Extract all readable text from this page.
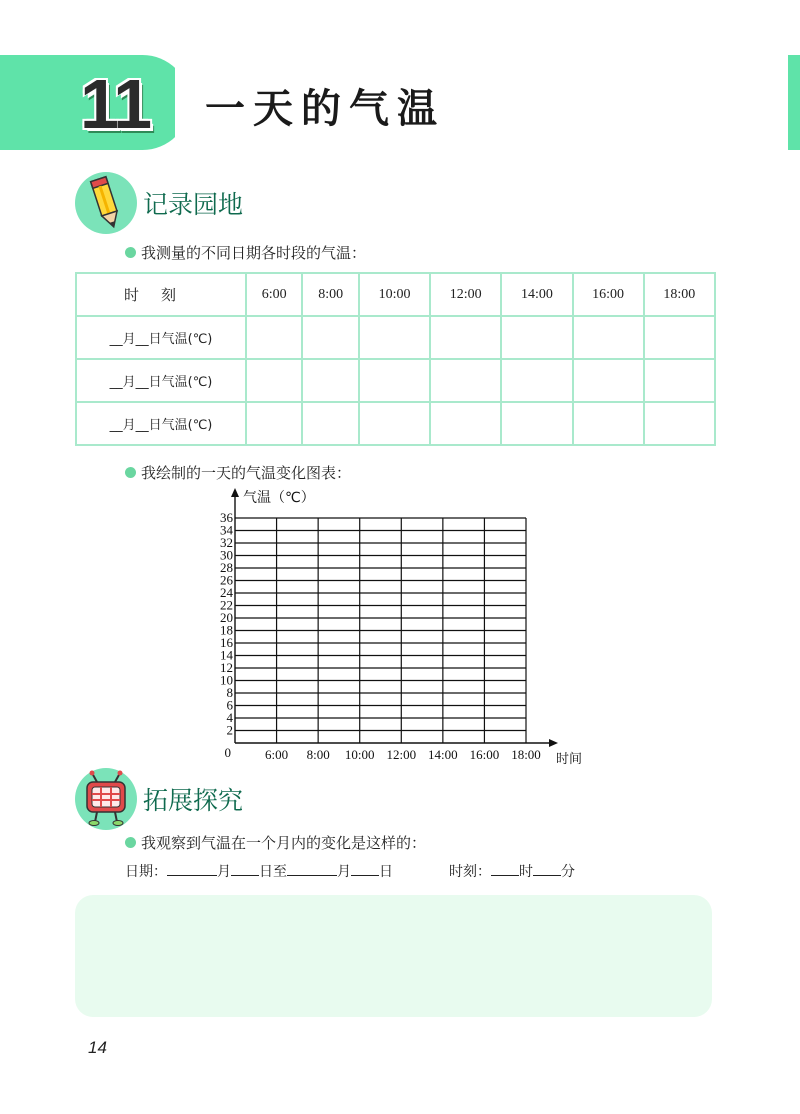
11 一天的气温
记录园地
我测量的不同日期各时段的气温：
时刻	6:00	8:00	10:00	12:00	14:00	16:00	18:00
__月__日气温(℃)							
__月__日气温(℃)							
__月__日气温(℃)							
我绘制的一天的气温变化图表：
2
4
6
8
10
12
14
16
18
20
22
24
26
28
30
32
34
36
6:00 8:00 10:00 12:00 14:00 16:00 18:00
0
气温（℃）
时间
拓展探究
我观察到气温在一个月内的变化是这样的：
日期：	月 日至	月 日	时刻： 时 分
14
